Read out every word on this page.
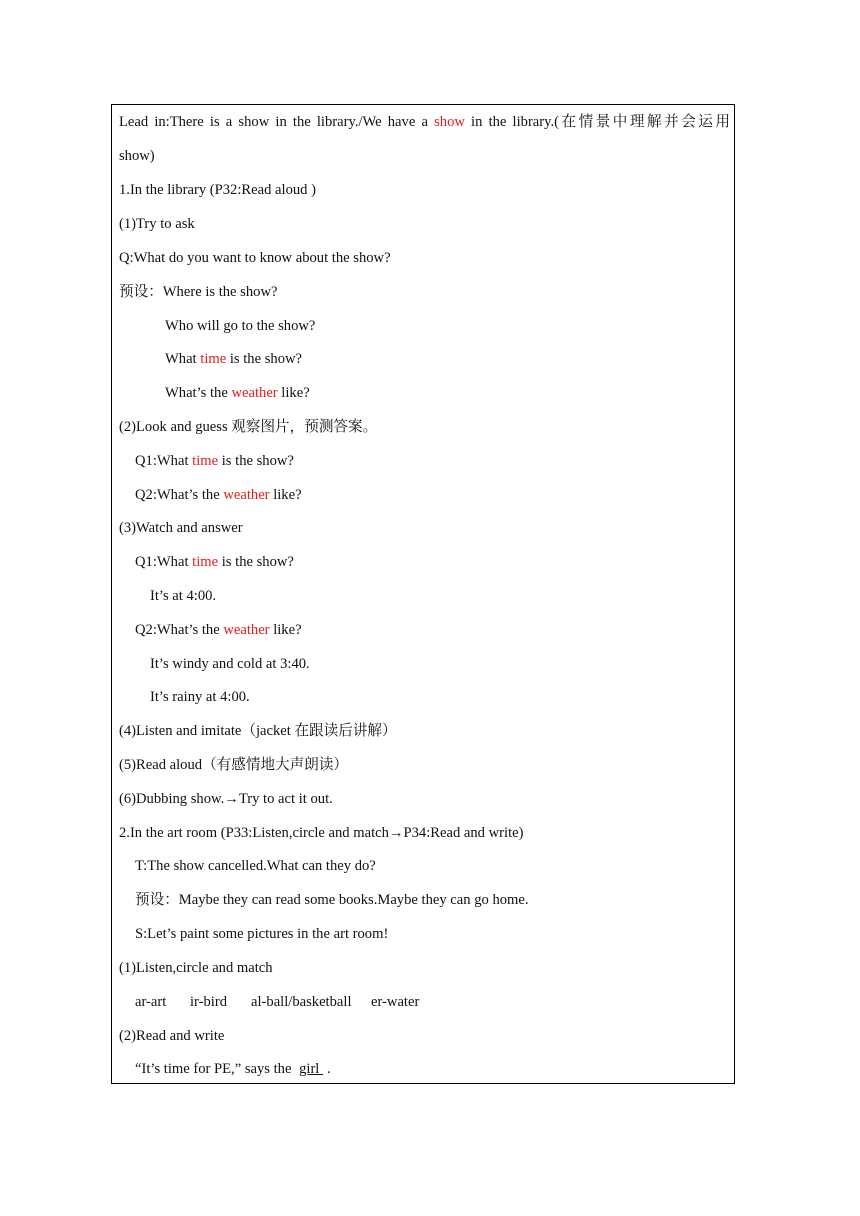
Lead in:There is a show in the library./We have a show in the library.(在情景中理解并会运用
show)
1.In the library (P32:Read aloud )
(1)Try to ask
Q:What do you want to know about the show?
预设：Where is the show?
Who will go to the show?
What time is the show?
What’s the weather like?
(2)Look and guess 观察图片，预测答案。
Q1:What time is the show?
Q2:What’s the weather like?
(3)Watch and answer
Q1:What time is the show?
It’s at 4:00.
Q2:What’s the weather like?
It’s windy and cold at 3:40.
It’s rainy at 4:00.
(4)Listen and imitate（jacket 在跟读后讲解）
(5)Read aloud（有感情地大声朗读）
(6)Dubbing show.→Try to act it out.
2.In the art room (P33:Listen,circle and match→P34:Read and write)
T:The show cancelled.What can they do?
预设：Maybe they can read some books.Maybe they can go home.
S:Let’s paint some pictures in the art room!
(1)Listen,circle and match
ar-art ir-bird al-ball/basketball er-water
(2)Read and write
“It’s time for PE,” says the girl .
